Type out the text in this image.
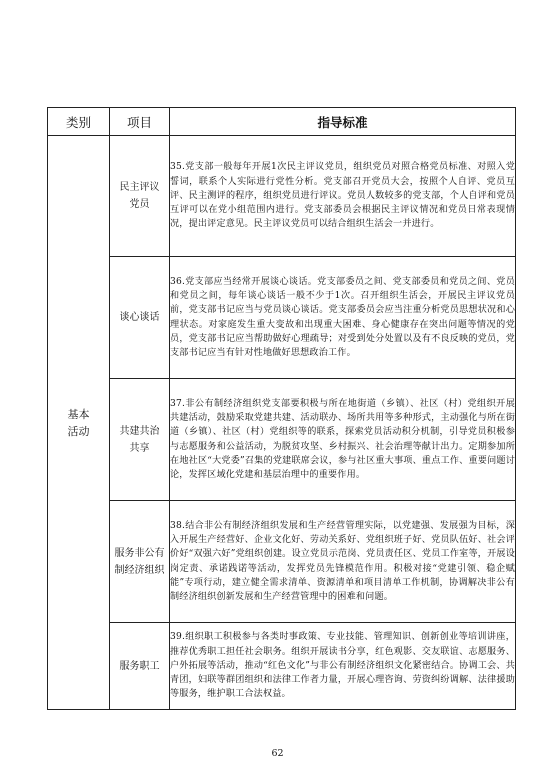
类别	项目	指导标准

基本活动	民主评议党员	35.党支部一般每年开展1次民主评议党员，组织党员对照合格党员标准、对照入党誓词，联系个人实际进行党性分析。党支部召开党员大会，按照个人自评、党员互评、民主测评的程序，组织党员进行评议。党员人数较多的党支部，个人自评和党员互评可以在党小组范围内进行。党支部委员会根据民主评议情况和党员日常表现情况，提出评定意见。民主评议党员可以结合组织生活会一并进行。

	谈心谈话	36.党支部应当经常开展谈心谈话。党支部委员之间、党支部委员和党员之间、党员和党员之间，每年谈心谈话一般不少于1次。召开组织生活会，开展民主评议党员前，党支部书记应当与党员谈心谈话。党支部委员会应当注重分析党员思想状况和心理状态。对家庭发生重大变故和出现重大困难、身心健康存在突出问题等情况的党员，党支部书记应当帮助做好心理疏导；对受到处分处置以及有不良反映的党员，党支部书记应当有针对性地做好思想政治工作。

	共建共治共享	37.非公有制经济组织党支部要积极与所在地街道（乡镇）、社区（村）党组织开展共建活动，鼓励采取党建共建、活动联办、场所共用等多种形式，主动强化与所在街道（乡镇）、社区（村）党组织等的联系，探索党员活动积分机制，引导党员积极参与志愿服务和公益活动，为脱贫攻坚、乡村振兴、社会治理等献计出力。定期参加所在地社区“大党委”召集的党建联席会议，参与社区重大事项、重点工作、重要问题讨论，发挥区域化党建和基层治理中的重要作用。

	服务非公有制经济组织	38.结合非公有制经济组织发展和生产经营管理实际，以党建强、发展强为目标，深入开展生产经营好、企业文化好、劳动关系好、党组织班子好、党员队伍好、社会评价好“双强六好”党组织创建。设立党员示范岗、党员责任区、党员工作室等，开展设岗定责、承诺践诺等活动，发挥党员先锋模范作用。积极对接“党建引领、稳企赋能”专项行动，建立健全需求清单、资源清单和项目清单工作机制，协调解决非公有制经济组织创新发展和生产经营管理中的困难和问题。

	服务职工	39.组织职工积极参与各类时事政策、专业技能、管理知识、创新创业等培训讲座，推荐优秀职工担任社会职务。组织开展读书分享，红色观影、交友联谊、志愿服务、户外拓展等活动，推动“红色文化”与非公有制经济组织文化紧密结合。协调工会、共青团，妇联等群团组织和法律工作者力量，开展心理咨询、劳资纠纷调解、法律援助等服务，维护职工合法权益。
62
